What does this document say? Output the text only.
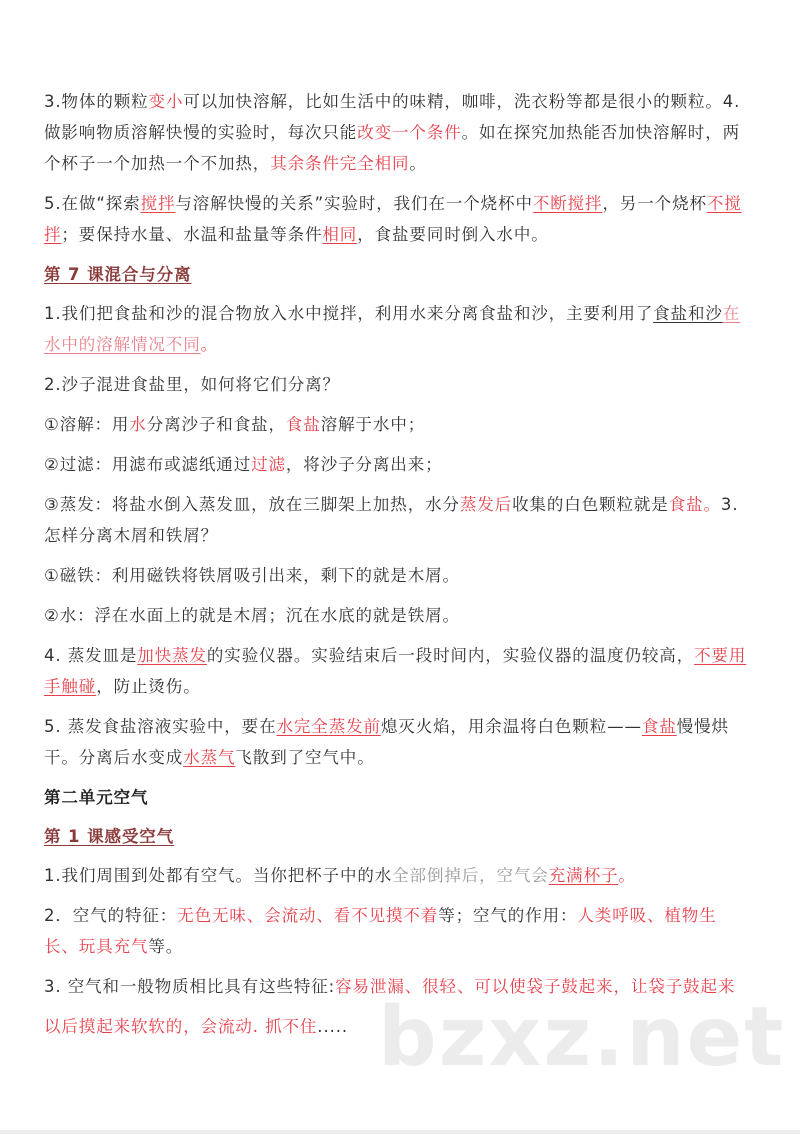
3.物体的颗粒变小可以加快溶解，比如生活中的味精，咖啡，洗衣粉等都是很小的颗粒。4.做影响物质溶解快慢的实验时，每次只能改变一个条件。如在探究加热能否加快溶解时，两个杯子一个加热一个不加热，其余条件完全相同。

5.在做“探索搅拌与溶解快慢的关系”实验时，我们在一个烧杯中不断搅拌，另一个烧杯不搅拌；要保持水量、水温和盐量等条件相同，食盐要同时倒入水中。

第 7 课混合与分离

1.我们把食盐和沙的混合物放入水中搅拌，利用水来分离食盐和沙，主要利用了食盐和沙在水中的溶解情况不同。

2.沙子混进食盐里，如何将它们分离？

①溶解：用水分离沙子和食盐，食盐溶解于水中；

②过滤：用滤布或滤纸通过过滤，将沙子分离出来；

③蒸发：将盐水倒入蒸发皿，放在三脚架上加热，水分蒸发后收集的白色颗粒就是食盐。3.怎样分离木屑和铁屑？

①磁铁：利用磁铁将铁屑吸引出来，剩下的就是木屑。

②水：浮在水面上的就是木屑；沉在水底的就是铁屑。

4. 蒸发皿是加快蒸发的实验仪器。实验结束后一段时间内，实验仪器的温度仍较高，不要用手触碰，防止烫伤。

5. 蒸发食盐溶液实验中，要在水完全蒸发前熄灭火焰，用余温将白色颗粒——食盐慢慢烘干。分离后水变成水蒸气飞散到了空气中。

第二单元空气

第 1 课感受空气

1.我们周围到处都有空气。当你把杯子中的水全部倒掉后，空气会充满杯子。

2．空气的特征：无色无味、会流动、看不见摸不着等；空气的作用：人类呼吸、植物生长、玩具充气等。

3. 空气和一般物质相比具有这些特征:容易泄漏、很轻、可以使袋子鼓起来，让袋子鼓起来

以后摸起来软软的，会流动. 抓不住..... bzxz.net
